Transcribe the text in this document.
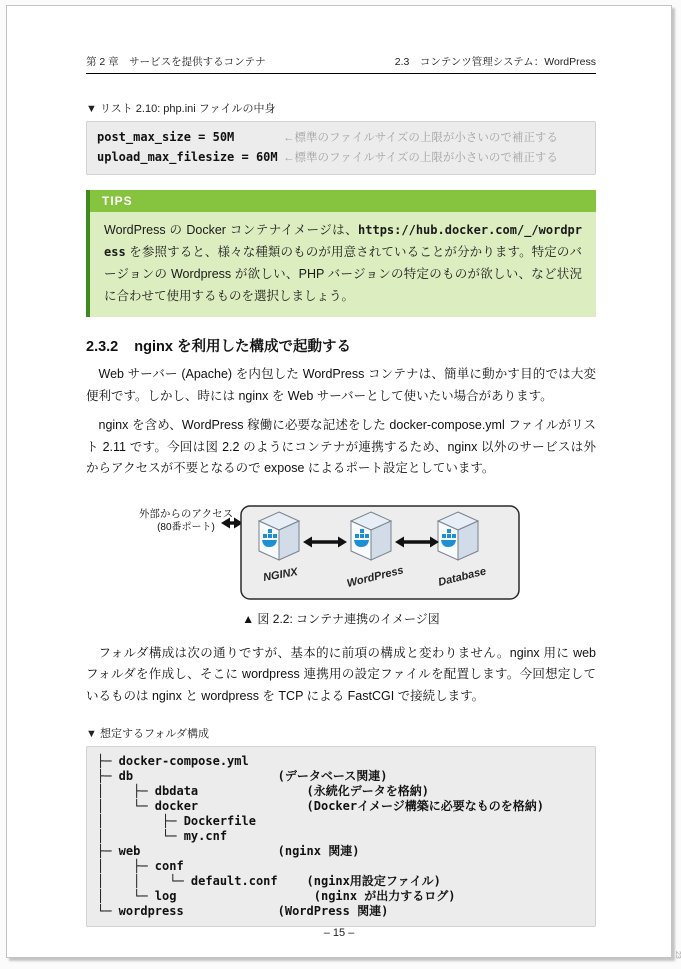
第 2 章　サービスを提供するコンテナ	2.3　コンテンツ管理システム：WordPress
▼ リスト 2.10: php.ini ファイルの中身
post_max_size = 50M	←標準のファイルサイズの上限が小さいので補正する
upload_max_filesize = 60M ←標準のファイルサイズの上限が小さいので補正する
TIPS
WordPress の Docker コンテナイメージは、https://hub.docker.com/_/wordpress を参照すると、様々な種類のものが用意されていることが分かります。特定のバージョンの Wordpress が欲しい、PHP バージョンの特定のものが欲しい、など状況に合わせて使用するものを選択しましょう。
2.3.2 nginx を利用した構成で起動する

Web サーバー (Apache) を内包した WordPress コンテナは、簡単に動かす目的では大変便利です。しかし、時には nginx を Web サーバーとして使いたい場合があります。

nginx を含め、WordPress 稼働に必要な記述をした docker-compose.yml ファイルがリスト 2.11 です。今回は図 2.2 のようにコンテナが連携するため、nginx 以外のサービスは外からアクセスが不要となるので expose によるポート設定としています。

外部からのアクセス
(80番ポート)
NGINX	WordPress	Database
▲ 図 2.2: コンテナ連携のイメージ図

フォルダ構成は次の通りですが、基本的に前項の構成と変わりません。nginx 用に web フォルダを作成し、そこに wordpress 連携用の設定ファイルを配置します。今回想定しているものは nginx と wordpress を TCP による FastCGI で接続します。

▼ 想定するフォルダ構成
├─ docker-compose.yml
├─ db                    (データベース関連)
│    ├─ dbdata               (永続化データを格納)
│    └─ docker               (Dockerイメージ構築に必要なものを格納)
│        ├─ Dockerfile
│        └─ my.cnf
├─ web                   (nginx 関連)
│    ├─ conf
│    │    └─ default.conf    (nginx用設定ファイル)
│    └─ log                   (nginx が出力するログ)
└─ wordpress             (WordPress 関連)
– 15 –
23
